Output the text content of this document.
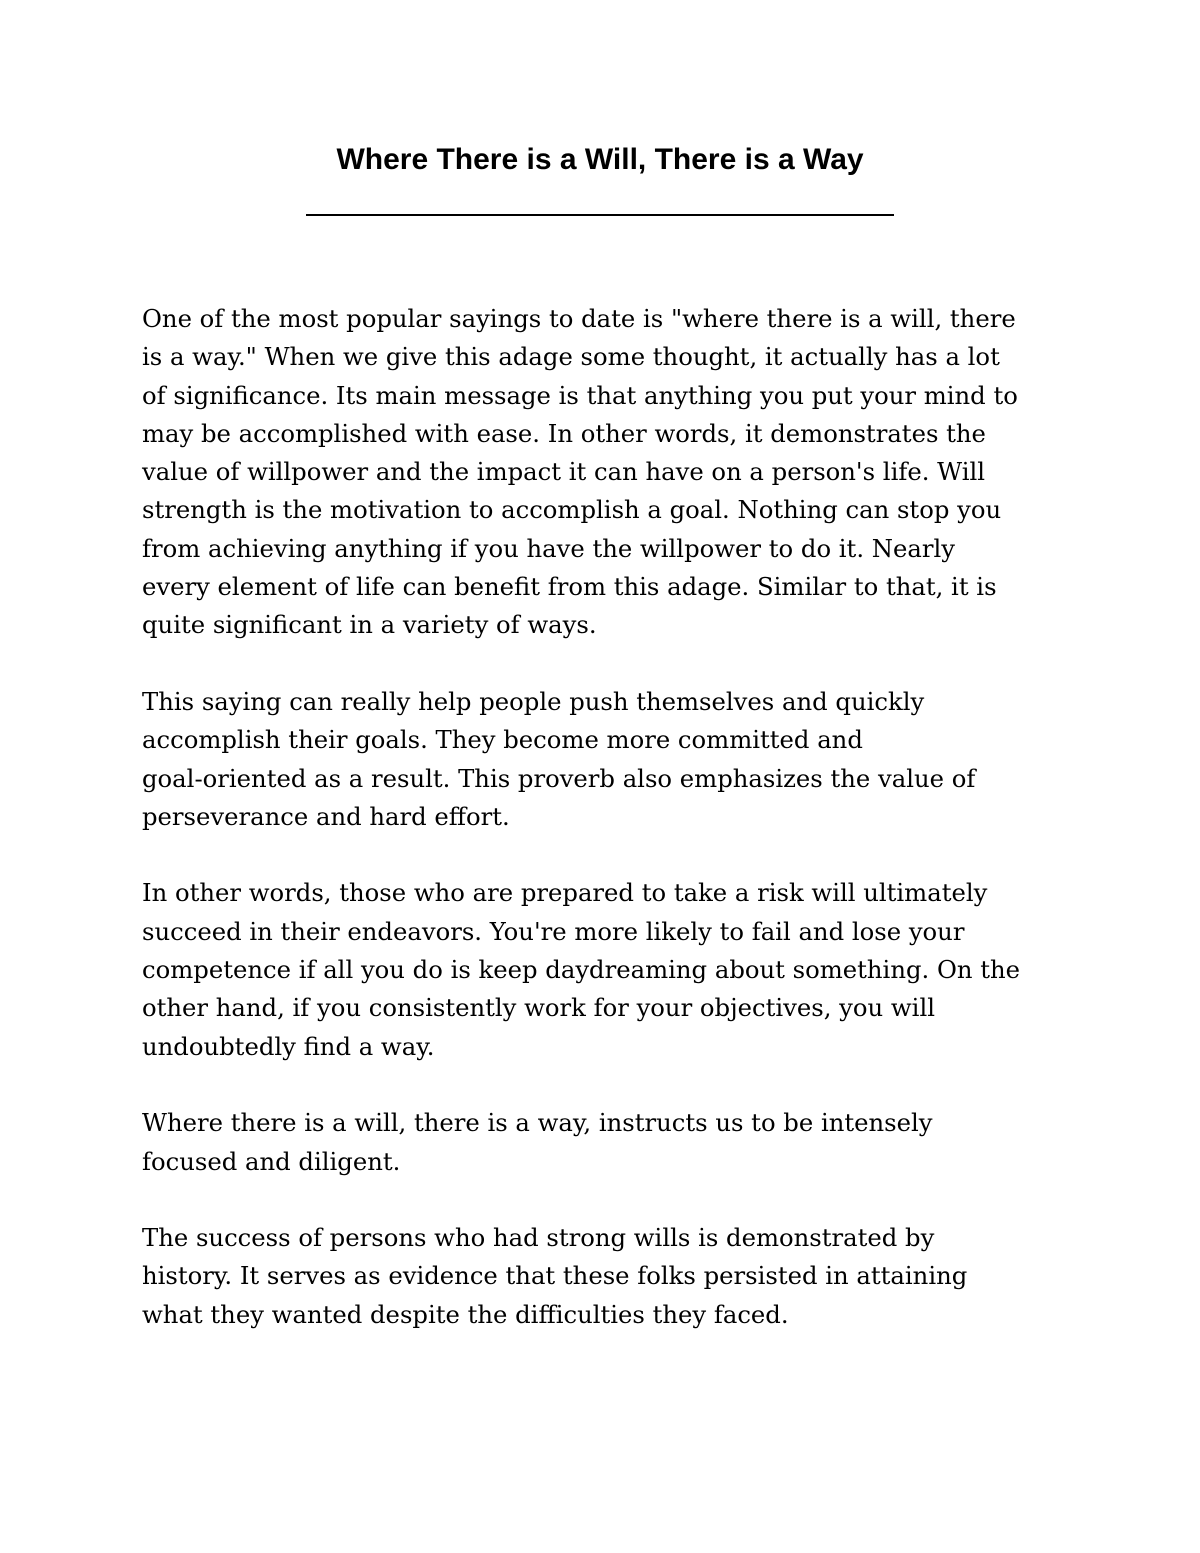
Where There is a Will, There is a Way

One of the most popular sayings to date is "where there is a will, there
is a way." When we give this adage some thought, it actually has a lot
of significance. Its main message is that anything you put your mind to
may be accomplished with ease. In other words, it demonstrates the
value of willpower and the impact it can have on a person's life. Will
strength is the motivation to accomplish a goal. Nothing can stop you
from achieving anything if you have the willpower to do it. Nearly
every element of life can benefit from this adage. Similar to that, it is
quite significant in a variety of ways.

This saying can really help people push themselves and quickly
accomplish their goals. They become more committed and
goal-oriented as a result. This proverb also emphasizes the value of
perseverance and hard effort.

In other words, those who are prepared to take a risk will ultimately
succeed in their endeavors. You're more likely to fail and lose your
competence if all you do is keep daydreaming about something. On the
other hand, if you consistently work for your objectives, you will
undoubtedly find a way.

Where there is a will, there is a way, instructs us to be intensely
focused and diligent.

The success of persons who had strong wills is demonstrated by
history. It serves as evidence that these folks persisted in attaining
what they wanted despite the difficulties they faced.
